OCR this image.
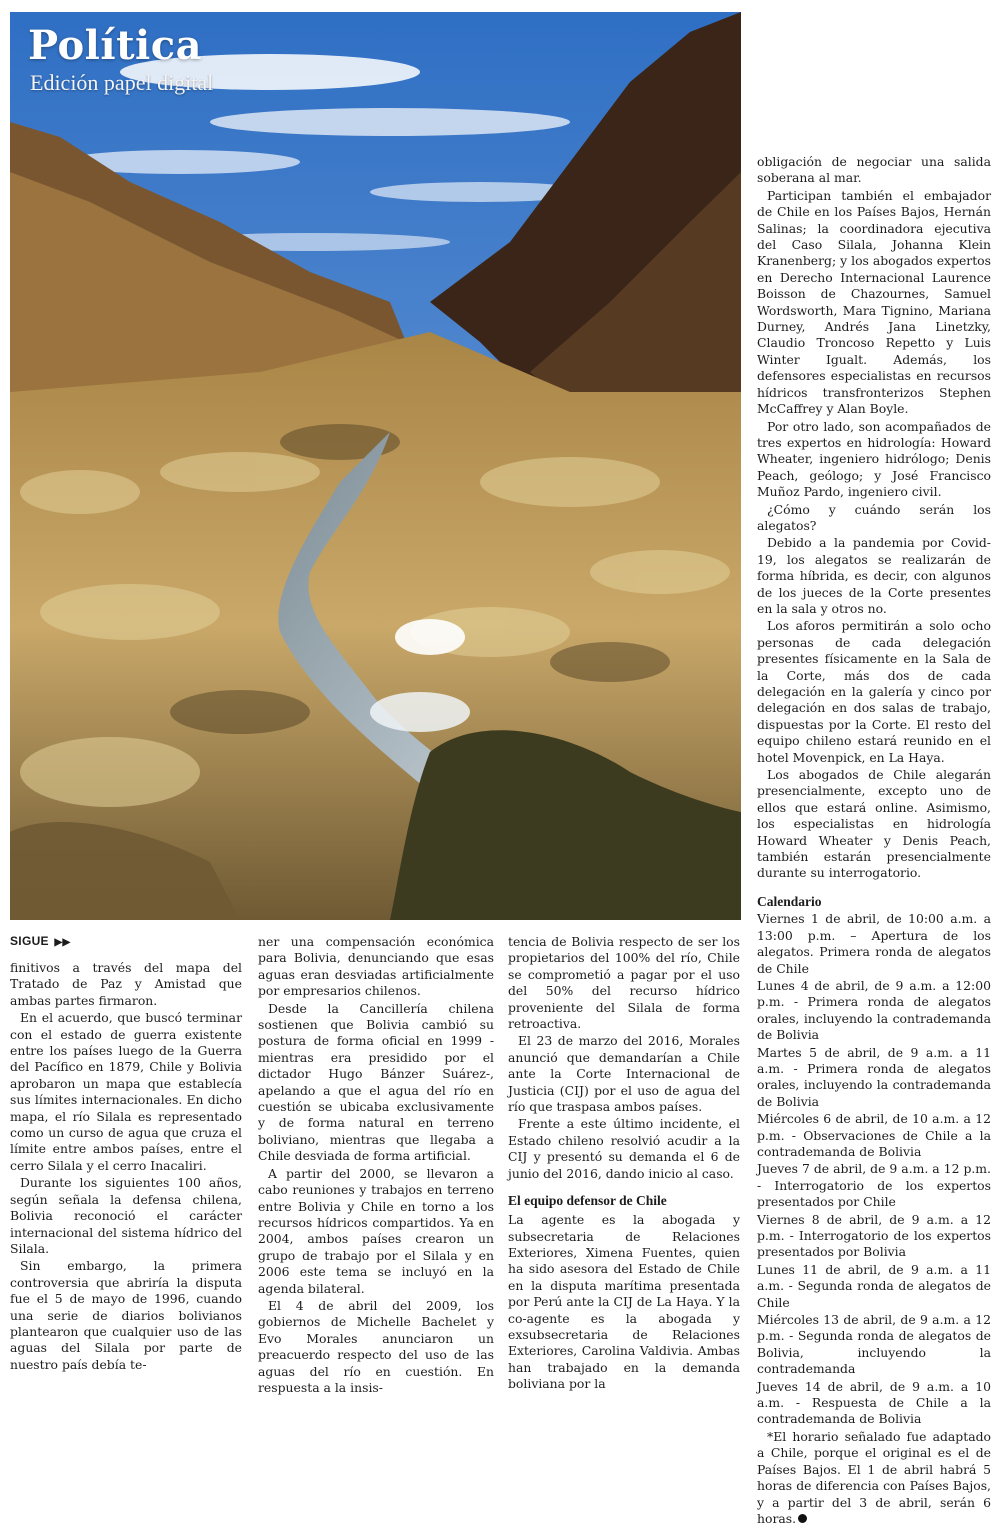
Política
Edición papel digital
SIGUE ▶▶

finitivos a través del mapa del Tratado de Paz y Amistad que ambas partes firmaron.

En el acuerdo, que buscó terminar con el estado de guerra existente entre los países luego de la Guerra del Pacífico en 1879, Chile y Bolivia aprobaron un mapa que establecía sus límites internacionales. En dicho mapa, el río Silala es representado como un curso de agua que cruza el límite entre ambos países, entre el cerro Silala y el cerro Inacaliri.

Durante los siguientes 100 años, según señala la defensa chilena, Bolivia reconoció el carácter internacional del sistema hídrico del Silala.

Sin embargo, la primera controversia que abriría la disputa fue el 5 de mayo de 1996, cuando una serie de diarios bolivianos plantearon que cualquier uso de las aguas del Silala por parte de nuestro país debía te-

ner una compensación económica para Bolivia, denunciando que esas aguas eran desviadas artificialmente por empresarios chilenos.

Desde la Cancillería chilena sostienen que Bolivia cambió su postura de forma oficial en 1999 -mientras era presidido por el dictador Hugo Bánzer Suárez-, apelando a que el agua del río en cuestión se ubicaba exclusivamente y de forma natural en terreno boliviano, mientras que llegaba a Chile desviada de forma artificial.

A partir del 2000, se llevaron a cabo reuniones y trabajos en terreno entre Bolivia y Chile en torno a los recursos hídricos compartidos. Ya en 2004, ambos países crearon un grupo de trabajo por el Silala y en 2006 este tema se incluyó en la agenda bilateral.

El 4 de abril del 2009, los gobiernos de Michelle Bachelet y Evo Morales anunciaron un preacuerdo respecto del uso de las aguas del río en cuestión. En respuesta a la insis-

tencia de Bolivia respecto de ser los propietarios del 100% del río, Chile se comprometió a pagar por el uso del 50% del recurso hídrico proveniente del Silala de forma retroactiva.

El 23 de marzo del 2016, Morales anunció que demandarían a Chile ante la Corte Internacional de Justicia (CIJ) por el uso de agua del río que traspasa ambos países.

Frente a este último incidente, el Estado chileno resolvió acudir a la CIJ y presentó su demanda el 6 de junio del 2016, dando inicio al caso.

El equipo defensor de Chile

La agente es la abogada y subsecretaria de Relaciones Exteriores, Ximena Fuentes, quien ha sido asesora del Estado de Chile en la disputa marítima presentada por Perú ante la CIJ de La Haya. Y la co-agente es la abogada y exsubsecretaria de Relaciones Exteriores, Carolina Valdivia. Ambas han trabajado en la demanda boliviana por la

obligación de negociar una salida soberana al mar.

Participan también el embajador de Chile en los Países Bajos, Hernán Salinas; la coordinadora ejecutiva del Caso Silala, Johanna Klein Kranenberg; y los abogados expertos en Derecho Internacional Laurence Boisson de Chazournes, Samuel Wordsworth, Mara Tignino, Mariana Durney, Andrés Jana Linetzky, Claudio Troncoso Repetto y Luis Winter Igualt. Además, los defensores especialistas en recursos hídricos transfronterizos Stephen McCaffrey y Alan Boyle.

Por otro lado, son acompañados de tres expertos en hidrología: Howard Wheater, ingeniero hidrólogo; Denis Peach, geólogo; y José Francisco Muñoz Pardo, ingeniero civil.

¿Cómo y cuándo serán los alegatos?

Debido a la pandemia por Covid-19, los alegatos se realizarán de forma híbrida, es decir, con algunos de los jueces de la Corte presentes en la sala y otros no.

Los aforos permitirán a solo ocho personas de cada delegación presentes físicamente en la Sala de la Corte, más dos de cada delegación en la galería y cinco por delegación en dos salas de trabajo, dispuestas por la Corte. El resto del equipo chileno estará reunido en el hotel Movenpick, en La Haya.

Los abogados de Chile alegarán presencialmente, excepto uno de ellos que estará online. Asimismo, los especialistas en hidrología Howard Wheater y Denis Peach, también estarán presencialmente durante su interrogatorio.

Calendario

Viernes 1 de abril, de 10:00 a.m. a 13:00 p.m. – Apertura de los alegatos. Primera ronda de alegatos de Chile

Lunes 4 de abril, de 9 a.m. a 12:00 p.m. - Primera ronda de alegatos orales, incluyendo la contrademanda de Bolivia

Martes 5 de abril, de 9 a.m. a 11 a.m. - Primera ronda de alegatos orales, incluyendo la contrademanda de Bolivia

Miércoles 6 de abril, de 10 a.m. a 12 p.m. - Observaciones de Chile a la contrademanda de Bolivia

Jueves 7 de abril, de 9 a.m. a 12 p.m. - Interrogatorio de los expertos presentados por Chile

Viernes 8 de abril, de 9 a.m. a 12 p.m. - Interrogatorio de los expertos presentados por Bolivia

Lunes 11 de abril, de 9 a.m. a 11 a.m. - Segunda ronda de alegatos de Chile

Miércoles 13 de abril, de 9 a.m. a 12 p.m. - Segunda ronda de alegatos de Bolivia, incluyendo la contrademanda

Jueves 14 de abril, de 9 a.m. a 10 a.m. - Respuesta de Chile a la contrademanda de Bolivia

*El horario señalado fue adaptado a Chile, porque el original es el de Países Bajos. El 1 de abril habrá 5 horas de diferencia con Países Bajos, y a partir del 3 de abril, serán 6 horas.
